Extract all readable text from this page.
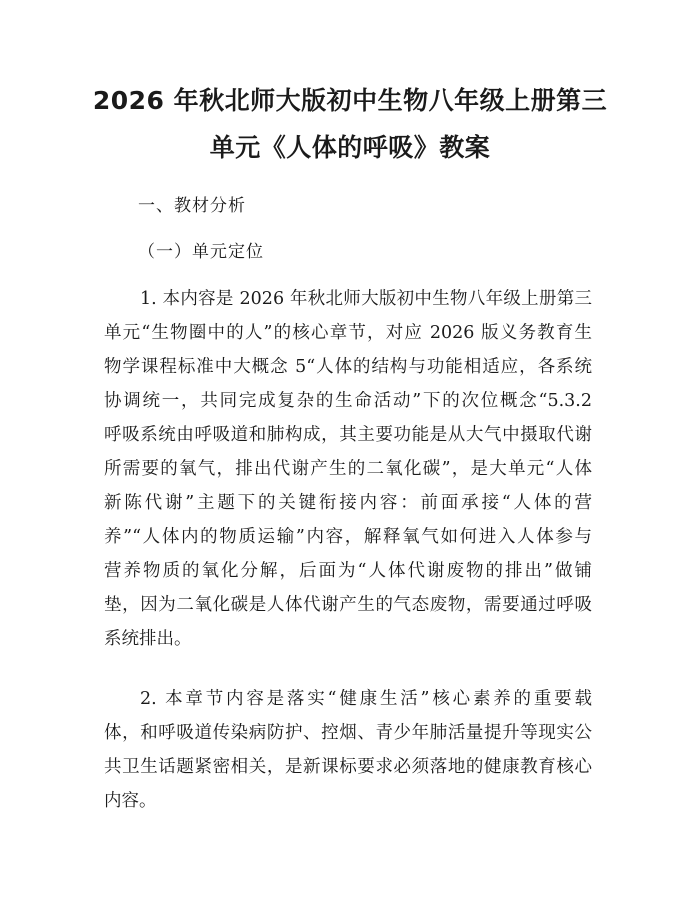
2026 年秋北师大版初中生物八年级上册第三
单元《人体的呼吸》教案
一、教材分析
（一）单元定位
1. 本内容是 2026 年秋北师大版初中生物八年级上册第三
单元“生物圈中的人”的核心章节，对应 2026 版义务教育生
物学课程标准中大概念 5“人体的结构与功能相适应，各系统
协调统一，共同完成复杂的生命活动”下的次位概念“5.3.2
呼吸系统由呼吸道和肺构成，其主要功能是从大气中摄取代谢
所需要的氧气，排出代谢产生的二氧化碳”，是大单元“人体
新陈代谢”主题下的关键衔接内容：前面承接“人体的营
养”“人体内的物质运输”内容，解释氧气如何进入人体参与
营养物质的氧化分解，后面为“人体代谢废物的排出”做铺
垫，因为二氧化碳是人体代谢产生的气态废物，需要通过呼吸
系统排出。
2. 本章节内容是落实“健康生活”核心素养的重要载
体，和呼吸道传染病防护、控烟、青少年肺活量提升等现实公
共卫生话题紧密相关，是新课标要求必须落地的健康教育核心
内容。
